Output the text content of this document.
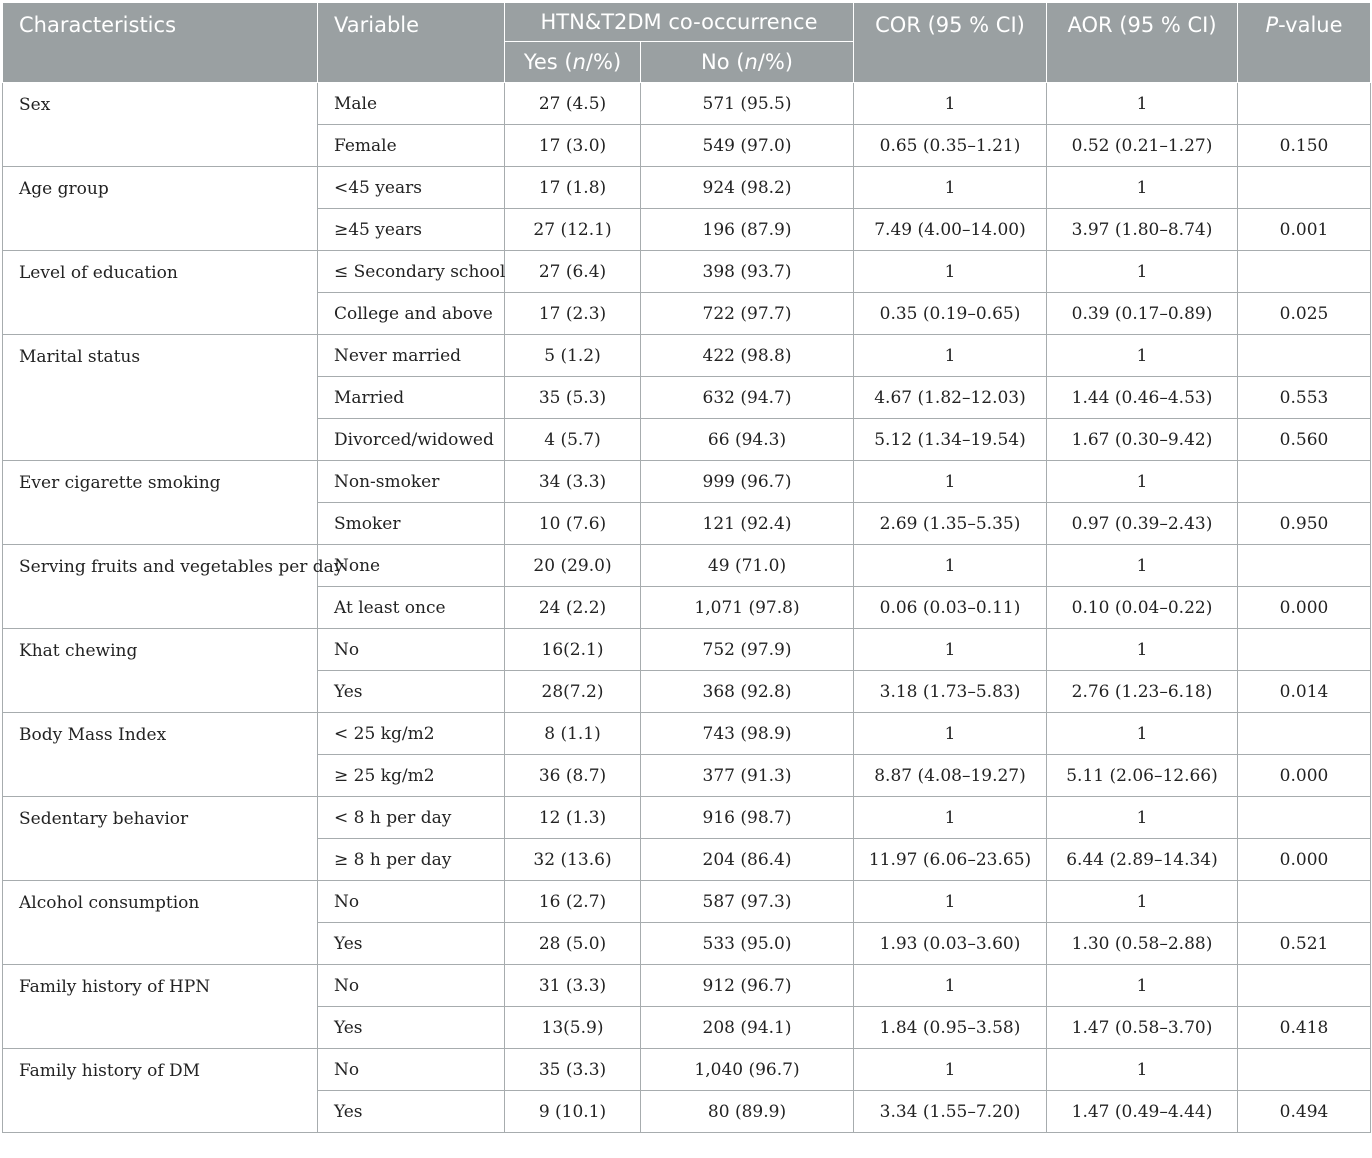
Characteristics	Variable	HTN&T2DM co-occurrence		COR (95 % CI)	AOR (95 % CI)	P-value
		Yes (n/%)	No (n/%)			
Sex	Male	27 (4.5)	571 (95.5)	1	1	
	Female	17 (3.0)	549 (97.0)	0.65 (0.35–1.21)	0.52 (0.21–1.27)	0.150
Age group	<45 years	17 (1.8)	924 (98.2)	1	1	
	≥45 years	27 (12.1)	196 (87.9)	7.49 (4.00–14.00)	3.97 (1.80–8.74)	0.001
Level of education	≤ Secondary school	27 (6.4)	398 (93.7)	1	1	
	College and above	17 (2.3)	722 (97.7)	0.35 (0.19–0.65)	0.39 (0.17–0.89)	0.025
Marital status	Never married	5 (1.2)	422 (98.8)	1	1	
	Married	35 (5.3)	632 (94.7)	4.67 (1.82–12.03)	1.44 (0.46–4.53)	0.553
	Divorced/widowed	4 (5.7)	66 (94.3)	5.12 (1.34–19.54)	1.67 (0.30–9.42)	0.560
Ever cigarette smoking	Non-smoker	34 (3.3)	999 (96.7)	1	1	
	Smoker	10 (7.6)	121 (92.4)	2.69 (1.35–5.35)	0.97 (0.39–2.43)	0.950
Serving fruits and vegetables per day	None	20 (29.0)	49 (71.0)	1	1	
	At least once	24 (2.2)	1,071 (97.8)	0.06 (0.03–0.11)	0.10 (0.04–0.22)	0.000
Khat chewing	No	16(2.1)	752 (97.9)	1	1	
	Yes	28(7.2)	368 (92.8)	3.18 (1.73–5.83)	2.76 (1.23–6.18)	0.014
Body Mass Index	< 25 kg/m2	8 (1.1)	743 (98.9)	1	1	
	≥ 25 kg/m2	36 (8.7)	377 (91.3)	8.87 (4.08–19.27)	5.11 (2.06–12.66)	0.000
Sedentary behavior	< 8 h per day	12 (1.3)	916 (98.7)	1	1	
	≥ 8 h per day	32 (13.6)	204 (86.4)	11.97 (6.06–23.65)	6.44 (2.89–14.34)	0.000
Alcohol consumption	No	16 (2.7)	587 (97.3)	1	1	
	Yes	28 (5.0)	533 (95.0)	1.93 (0.03–3.60)	1.30 (0.58–2.88)	0.521
Family history of HPN	No	31 (3.3)	912 (96.7)	1	1	
	Yes	13(5.9)	208 (94.1)	1.84 (0.95–3.58)	1.47 (0.58–3.70)	0.418
Family history of DM	No	35 (3.3)	1,040 (96.7)	1	1	
	Yes	9 (10.1)	80 (89.9)	3.34 (1.55–7.20)	1.47 (0.49–4.44)	0.494
